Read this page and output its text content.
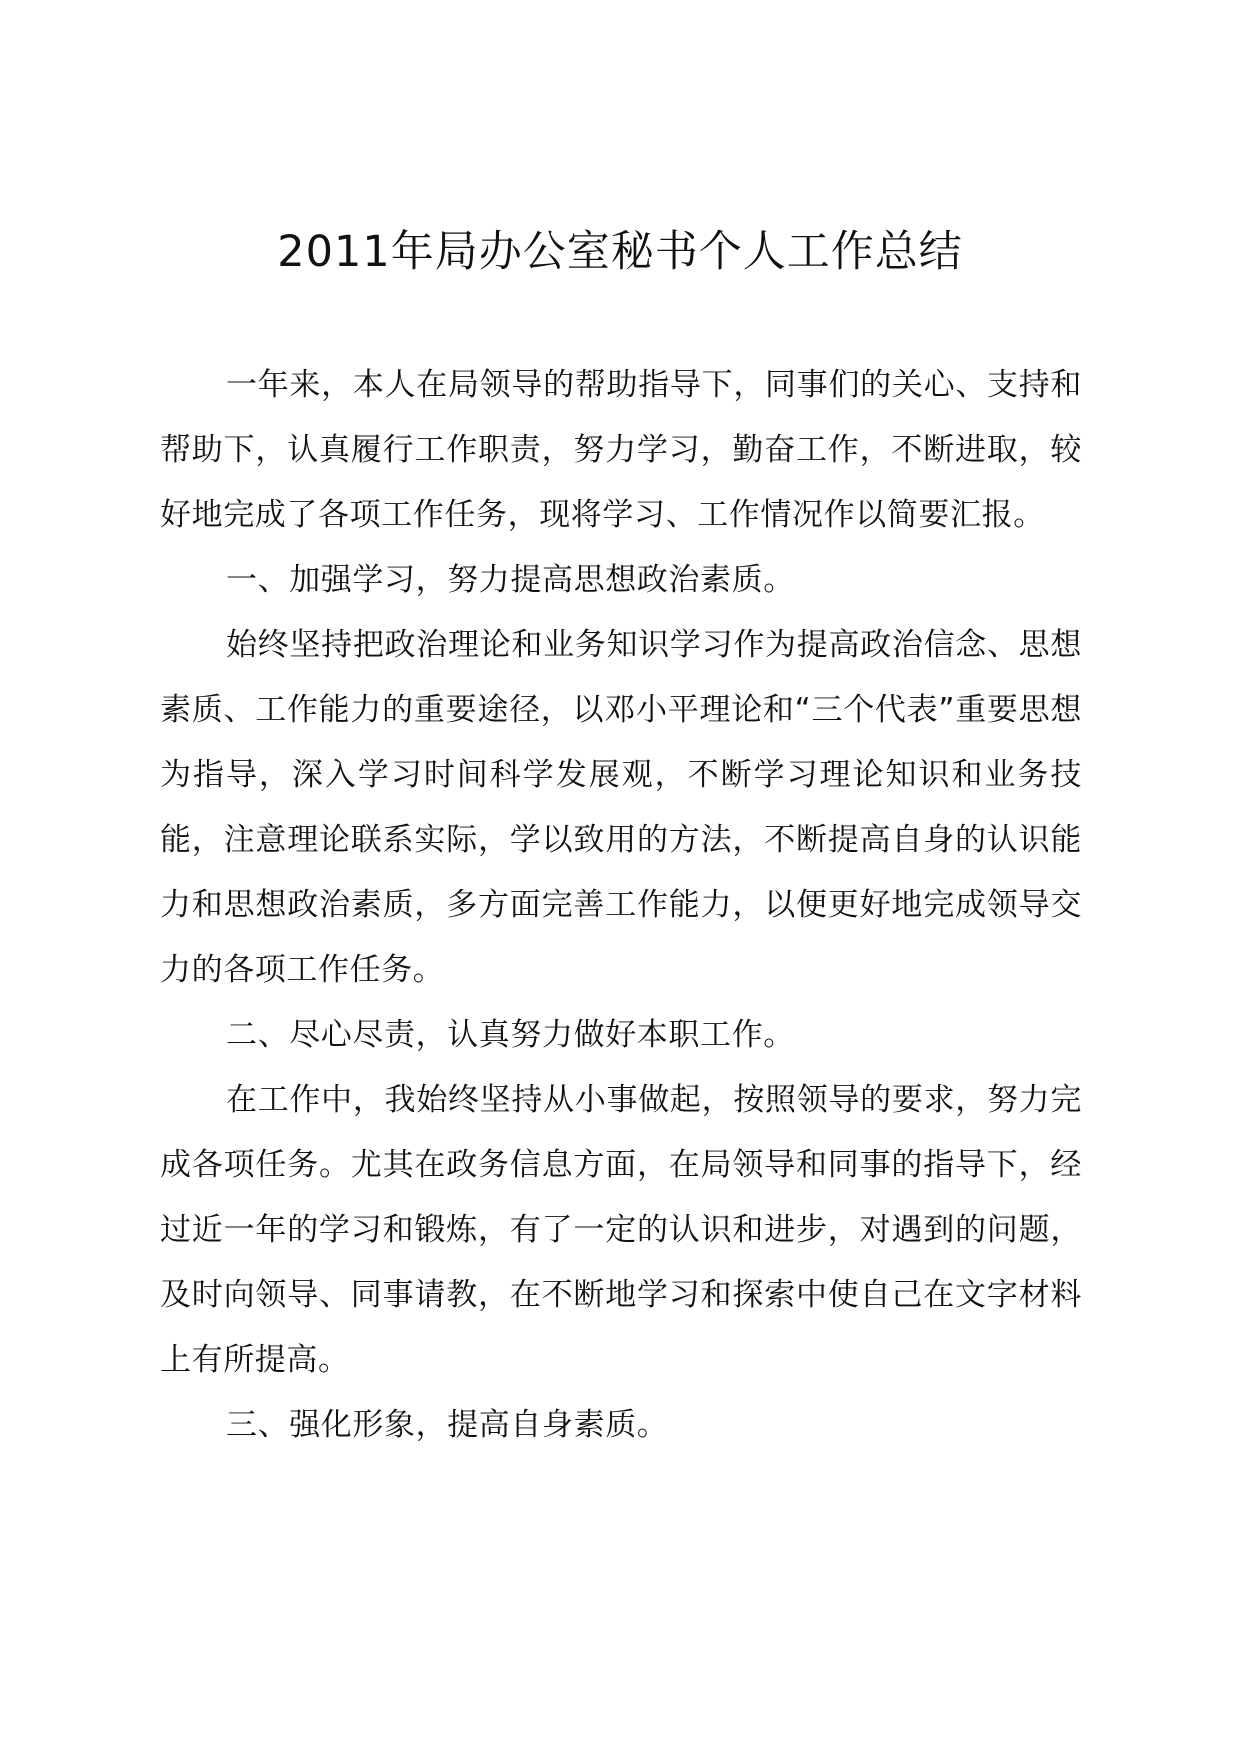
2011年局办公室秘书个人工作总结

一年来，本人在局领导的帮助指导下，同事们的关心、支持和帮助下，认真履行工作职责，努力学习，勤奋工作，不断进取，较好地完成了各项工作任务，现将学习、工作情况作以简要汇报。

一、加强学习，努力提高思想政治素质。

始终坚持把政治理论和业务知识学习作为提高政治信念、思想素质、工作能力的重要途径，以邓小平理论和“三个代表”重要思想为指导，深入学习时间科学发展观，不断学习理论知识和业务技能，注意理论联系实际，学以致用的方法，不断提高自身的认识能力和思想政治素质，多方面完善工作能力，以便更好地完成领导交力的各项工作任务。

二、尽心尽责，认真努力做好本职工作。

在工作中，我始终坚持从小事做起，按照领导的要求，努力完成各项任务。尤其在政务信息方面，在局领导和同事的指导下，经过近一年的学习和锻炼，有了一定的认识和进步，对遇到的问题，及时向领导、同事请教，在不断地学习和探索中使自己在文字材料上有所提高。

三、强化形象，提高自身素质。
